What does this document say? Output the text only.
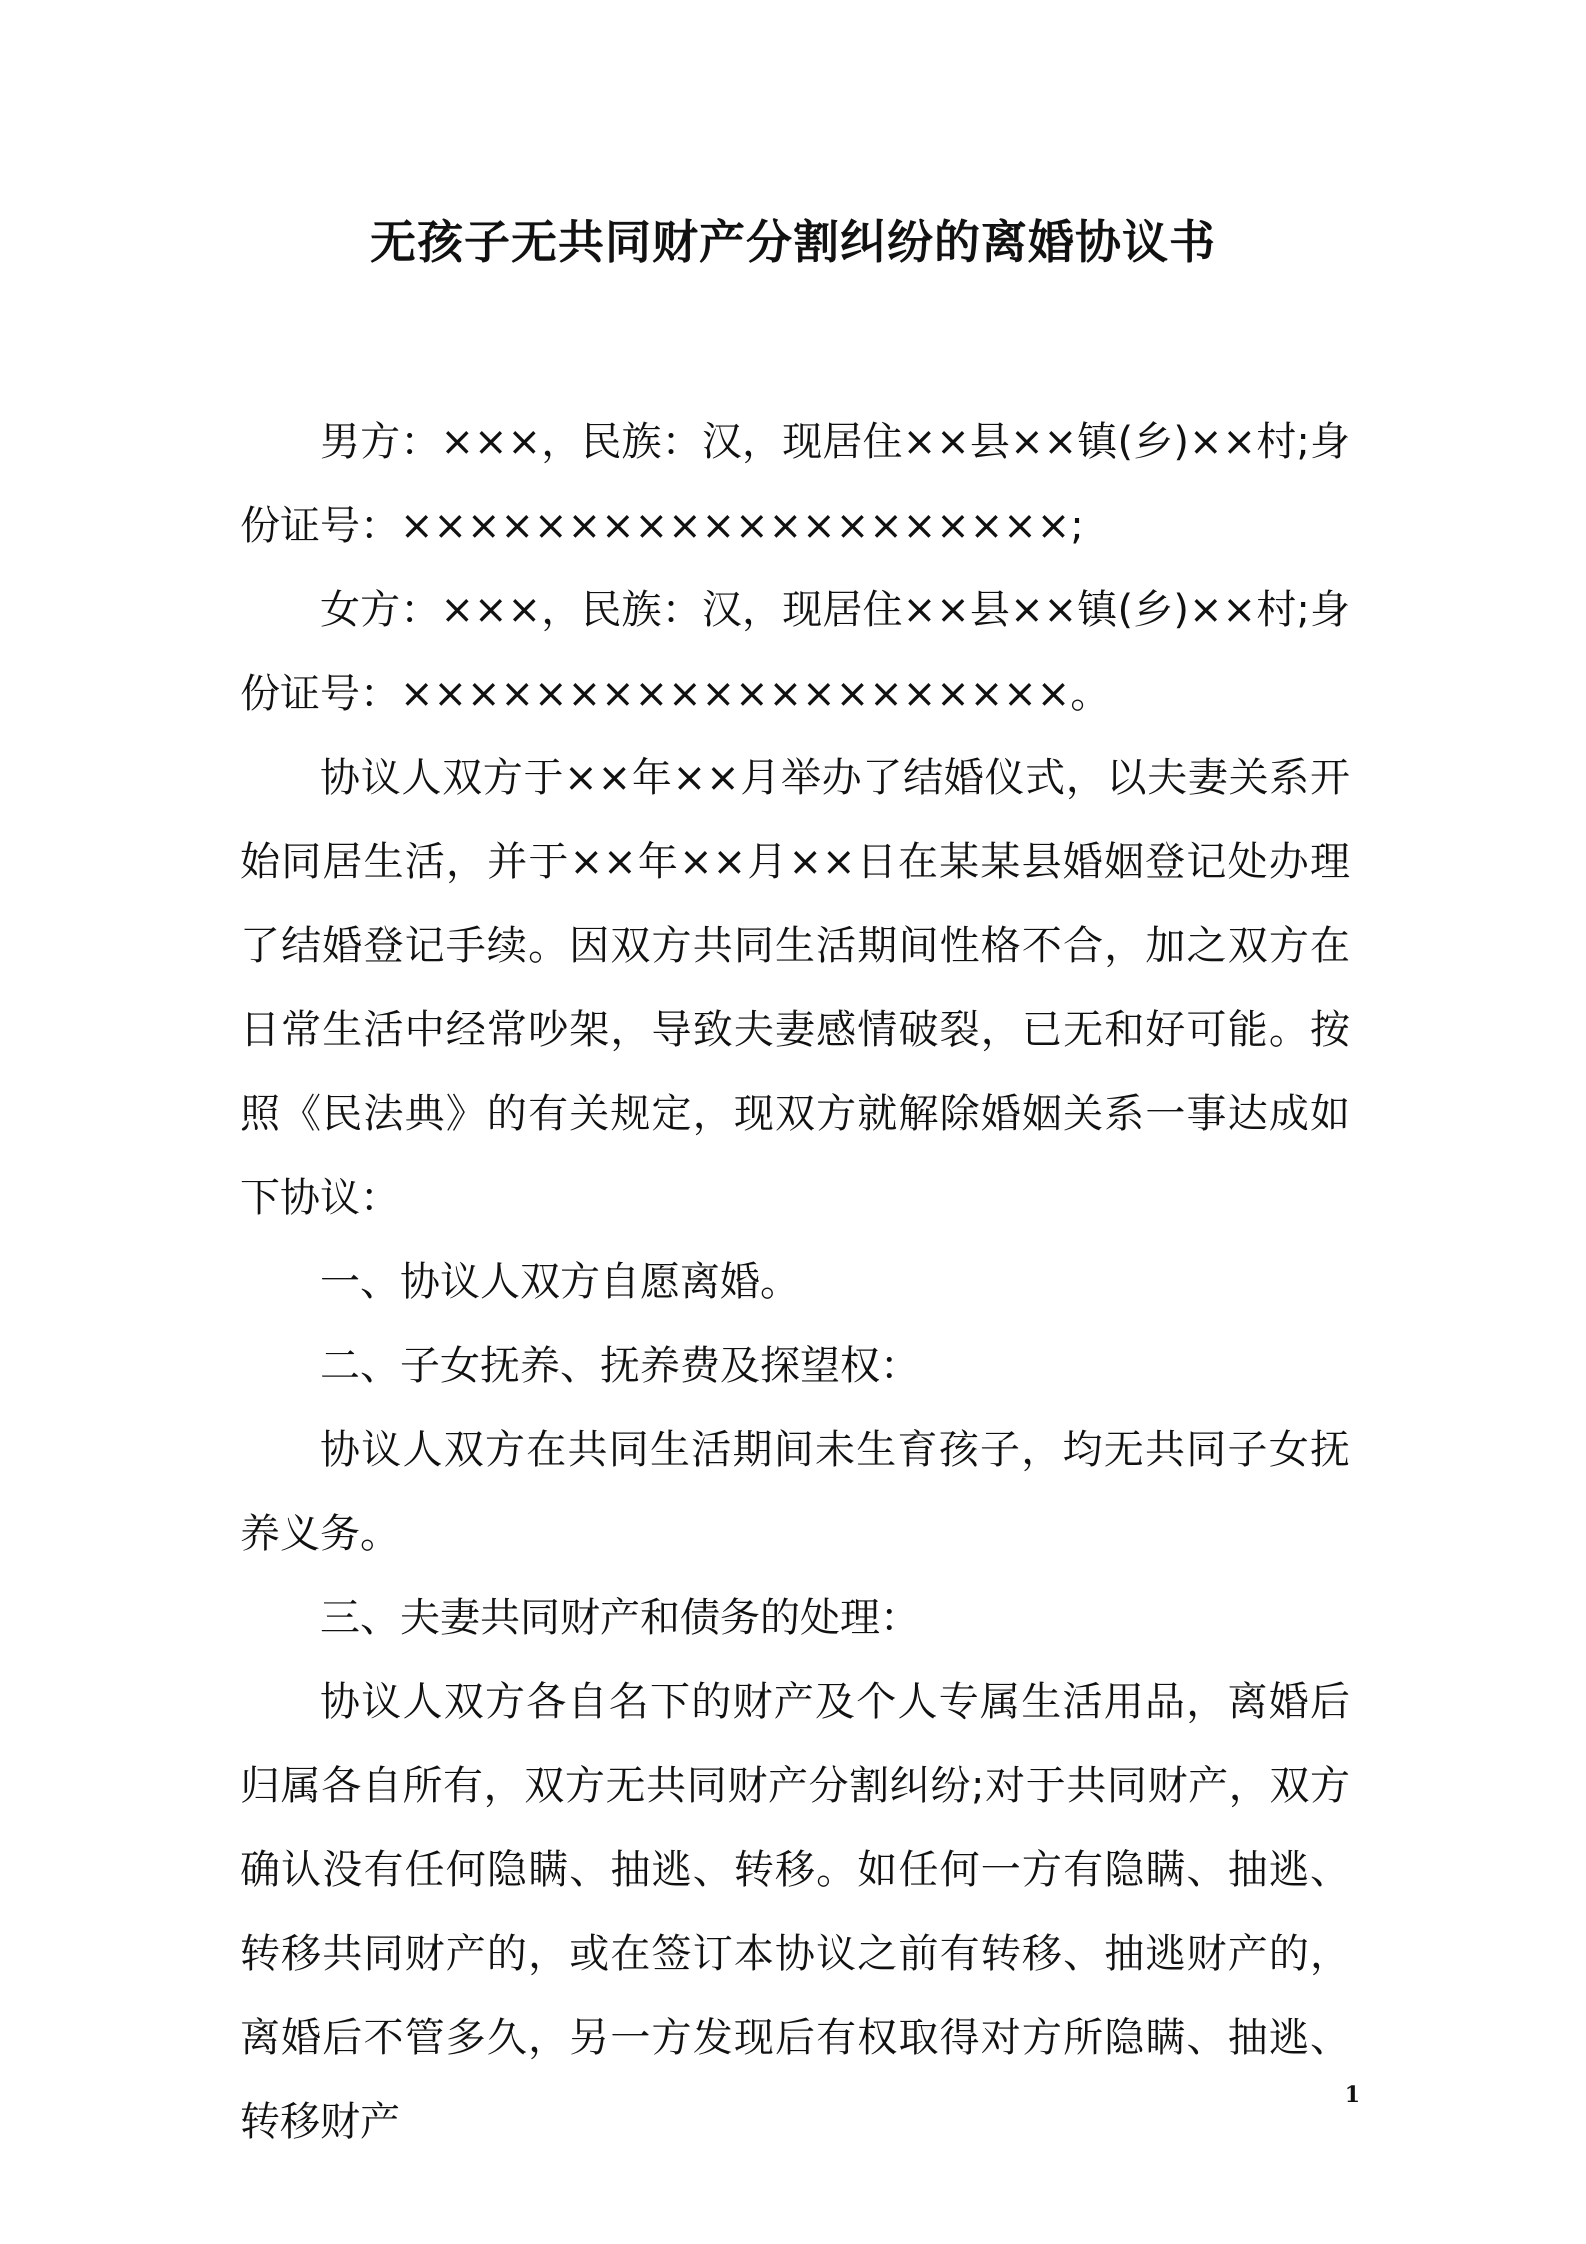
无孩子无共同财产分割纠纷的离婚协议书

男方：×××，民族：汉，现居住××县××镇(乡)××村;身份证号：××××××××××××××××××××;

女方：×××，民族：汉，现居住××县××镇(乡)××村;身份证号：××××××××××××××××××××。

协议人双方于××年××月举办了结婚仪式，以夫妻关系开始同居生活，并于××年××月××日在某某县婚姻登记处办理了结婚登记手续。因双方共同生活期间性格不合，加之双方在日常生活中经常吵架，导致夫妻感情破裂，已无和好可能。按照《民法典》的有关规定，现双方就解除婚姻关系一事达成如下协议：

一、协议人双方自愿离婚。

二、子女抚养、抚养费及探望权：

协议人双方在共同生活期间未生育孩子，均无共同子女抚养义务。

三、夫妻共同财产和债务的处理：

协议人双方各自名下的财产及个人专属生活用品，离婚后归属各自所有，双方无共同财产分割纠纷;对于共同财产，双方确认没有任何隐瞒、抽逃、转移。如任何一方有隐瞒、抽逃、转移共同财产的，或在签订本协议之前有转移、抽逃财产的，离婚后不管多久，另一方发现后有权取得对方所隐瞒、抽逃、转移财产

1
